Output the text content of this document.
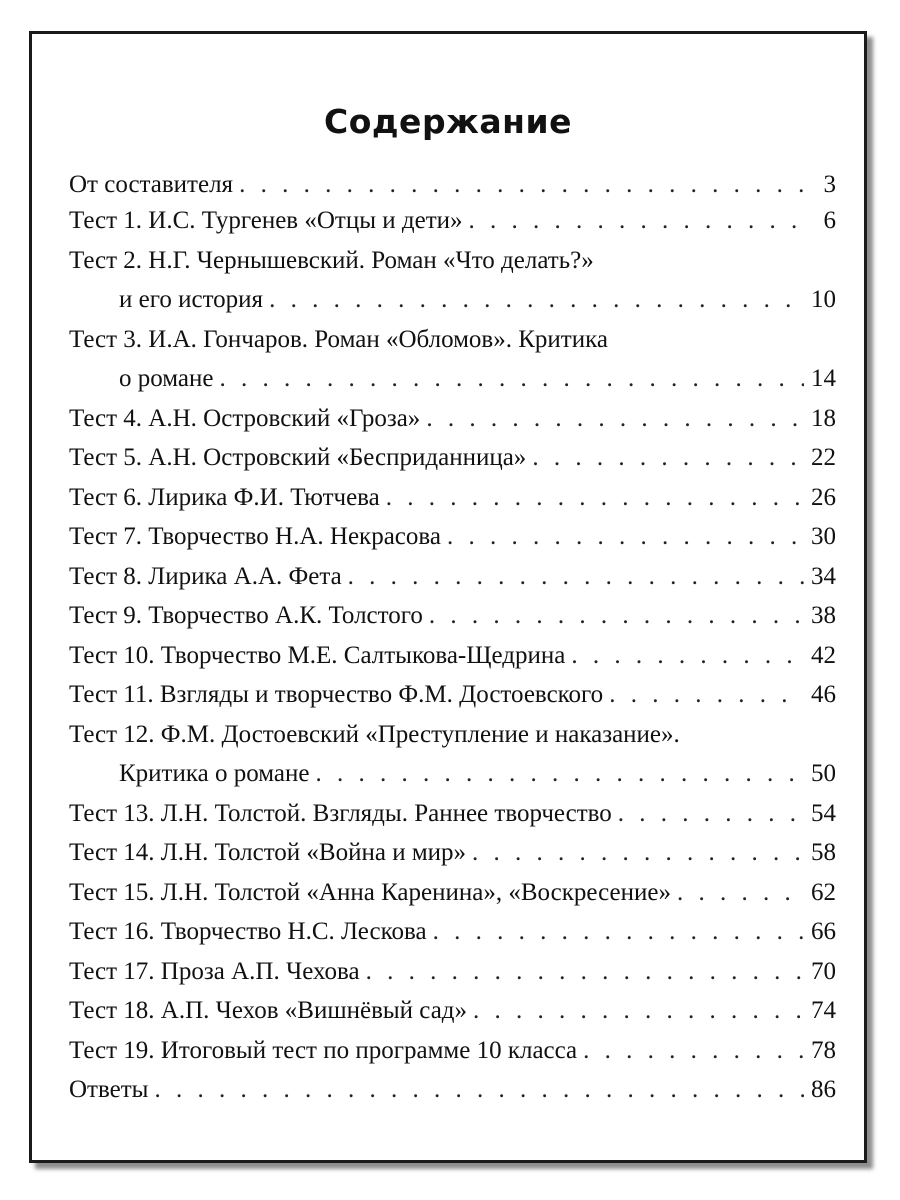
Содержание
От составителя . . .	3
Тест 1. И.С. Тургенев «Отцы и дети» . . .	6
Тест 2. Н.Г. Чернышевский. Роман «Что делать?»
и его история . . .	10
Тест 3. И.А. Гончаров. Роман «Обломов». Критика
о романе . . .	14
Тест 4. А.Н. Островский «Гроза» . . .	18
Тест 5. А.Н. Островский «Бесприданница» . . .	22
Тест 6. Лирика Ф.И. Тютчева . . .	26
Тест 7. Творчество Н.А. Некрасова . . .	30
Тест 8. Лирика А.А. Фета . . .	34
Тест 9. Творчество А.К. Толстого . . .	38
Тест 10. Творчество М.Е. Салтыкова-Щедрина . . .	42
Тест 11. Взгляды и творчество Ф.М. Достоевского . . .	46
Тест 12. Ф.М. Достоевский «Преступление и наказание».
Критика о романе . . .	50
Тест 13. Л.Н. Толстой. Взгляды. Раннее творчество . . .	54
Тест 14. Л.Н. Толстой «Война и мир» . . .	58
Тест 15. Л.Н. Толстой «Анна Каренина», «Воскресение» . . .	62
Тест 16. Творчество Н.С. Лескова . . .	66
Тест 17. Проза А.П. Чехова . . .	70
Тест 18. А.П. Чехов «Вишнёвый сад» . . .	74
Тест 19. Итоговый тест по программе 10 класса . . .	78
Ответы . . .	86
